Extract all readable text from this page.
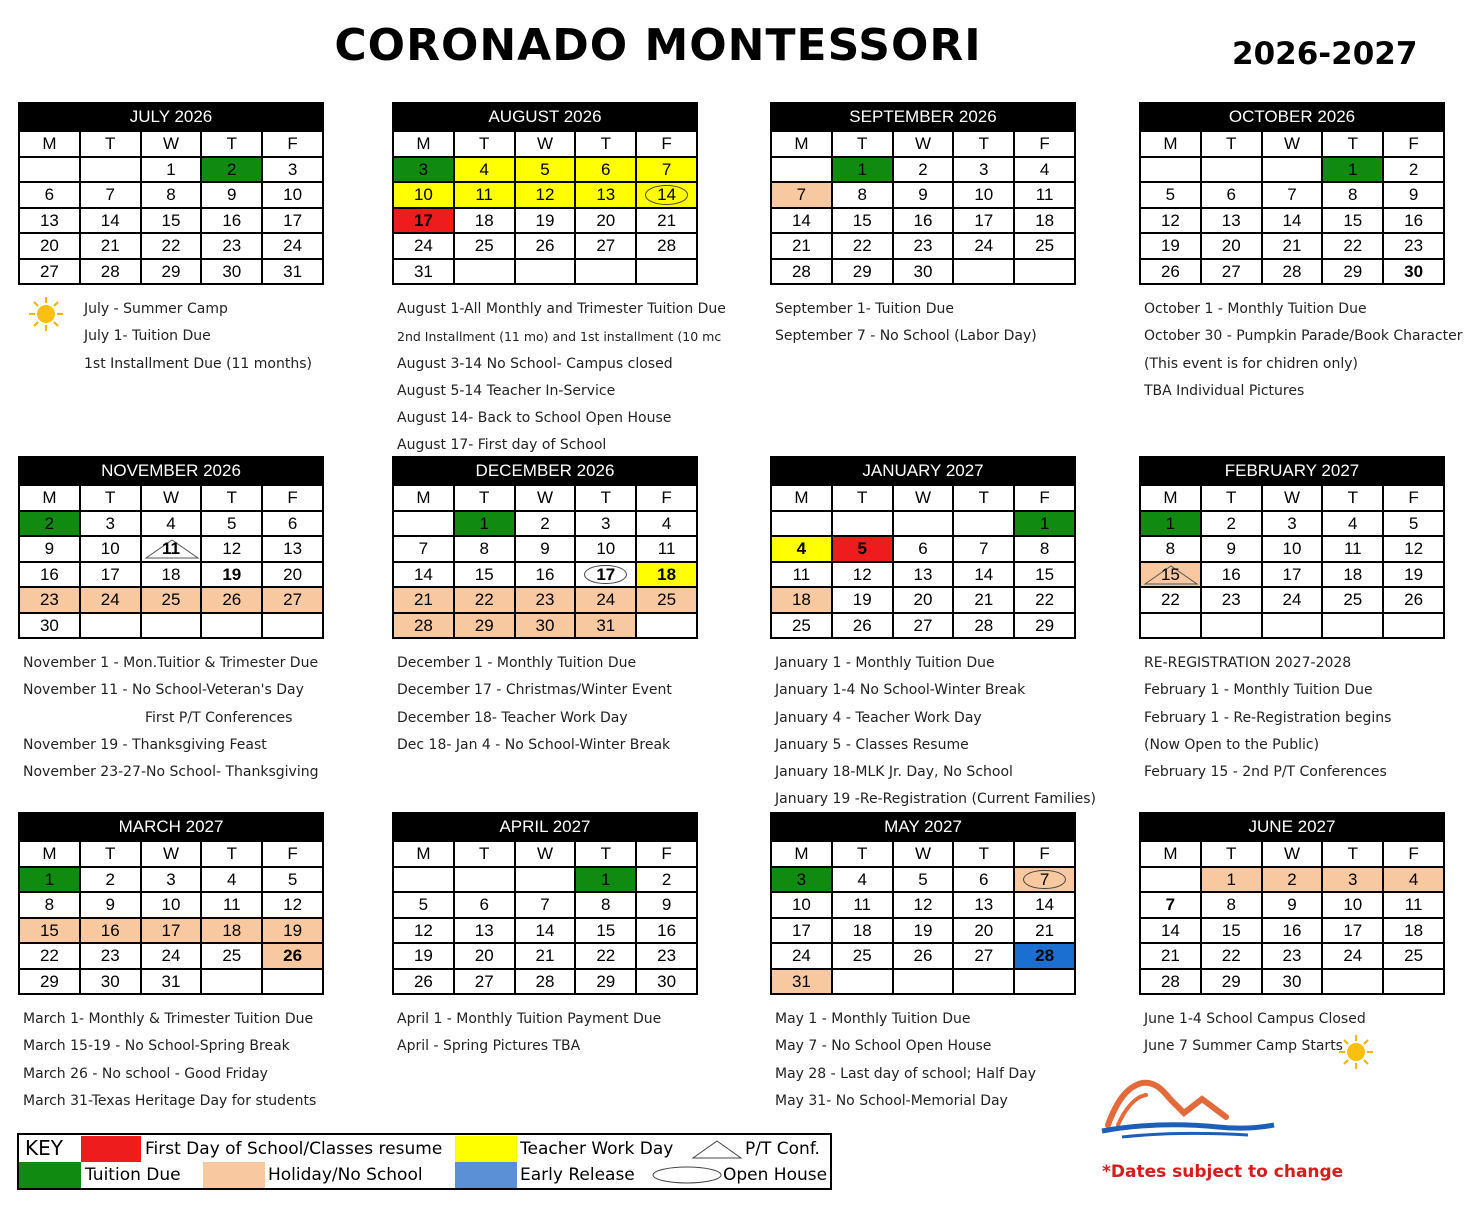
CORONADO MONTESSORI	2026-2027
JULY 2026
M	T	W	T	F
		1	2	3
6	7	8	9	10
13	14	15	16	17
20	21	22	23	24
27	28	29	30	31
July - Summer Camp
July 1- Tuition Due
1st Installment Due (11 months)
AUGUST 2026
M	T	W	T	F
3	4	5	6	7
10	11	12	13	14

17	18	19	20	21
24	25	26	27	28
31				
August 1-All Monthly and Trimester Tuition Due
2nd Installment (11 mo) and 1st installment (10 mc
August 3-14 No School- Campus closed
August 5-14 Teacher In-Service
August 14- Back to School Open House
August 17- First day of School
SEPTEMBER 2026
M	T	W	T	F
	1	2	3	4
7	8	9	10	11
14	15	16	17	18
21	22	23	24	25
28	29	30		
September 1- Tuition Due
September 7 - No School (Labor Day)
OCTOBER 2026
M	T	W	T	F
			1	2
5	6	7	8	9
12	13	14	15	16
19	20	21	22	23
26	27	28	29	30
October 1 - Monthly Tuition Due
October 30 - Pumpkin Parade/Book Character
(This event is for chidren only)
TBA Individual Pictures
NOVEMBER 2026
M	T	W	T	F
2	3	4	5	6
9	10	11	12	13
16	17	18	19	20
23	24	25	26	27
30				
November 1 - Mon.Tuitior & Trimester Due
November 11 - No School-Veteran's Day
First P/T Conferences
November 19 - Thanksgiving Feast
November 23-27-No School- Thanksgiving
DECEMBER 2026
M	T	W	T	F
	1	2	3	4
7	8	9	10	11
14	15	16	17	18
21	22	23	24	25
28	29	30	31	
December 1 - Monthly Tuition Due
December 17 - Christmas/Winter Event
December 18- Teacher Work Day
Dec 18- Jan 4 - No School-Winter Break
JANUARY 2027
M	T	W	T	F
				1
4	5	6	7	8
11	12	13	14	15
18	19	20	21	22
25	26	27	28	29
January 1 - Monthly Tuition Due
January 1-4 No School-Winter Break
January 4 - Teacher Work Day
January 5 - Classes Resume
January 18-MLK Jr. Day, No School
January 19 -Re-Registration (Current Families)
FEBRUARY 2027
M	T	W	T	F
1	2	3	4	5
8	9	10	11	12

15	16	17	18	19
22	23	24	25	26

RE-REGISTRATION 2027-2028
February 1 - Monthly Tuition Due
February 1 - Re-Registration begins
(Now Open to the Public)
February 15 - 2nd P/T Conferences
MARCH 2027
M	T	W	T	F
1	2	3	4	5
8	9	10	11	12
15	16	17	18	19
22	23	24	25	26
29	30	31		
March 1- Monthly & Trimester Tuition Due
March 15-19 - No School-Spring Break
March 26 - No school - Good Friday
March 31-Texas Heritage Day for students
APRIL 2027
M	T	W	T	F
			1	2
5	6	7	8	9
12	13	14	15	16
19	20	21	22	23
26	27	28	29	30
April 1 - Monthly Tuition Payment Due
April - Spring Pictures TBA
MAY 2027
M	T	W	T	F
3	4	5	6	7

10	11	12	13	14
17	18	19	20	21
24	25	26	27	28
31				
May 1 - Monthly Tuition Due
May 7 - No School Open House
May 28 - Last day of school; Half Day
May 31- No School-Memorial Day
JUNE 2027
M	T	W	T	F
	1	2	3	4
7	8	9	10	11
14	15	16	17	18
21	22	23	24	25
28	29	30		
June 1-4 School Campus Closed
June 7 Summer Camp Starts
KEY	First Day of School/Classes resume
Tuition Due	Holiday/No School
Teacher Work Day
Early Release
P/T Conf.
Open House	*Dates subject to change
